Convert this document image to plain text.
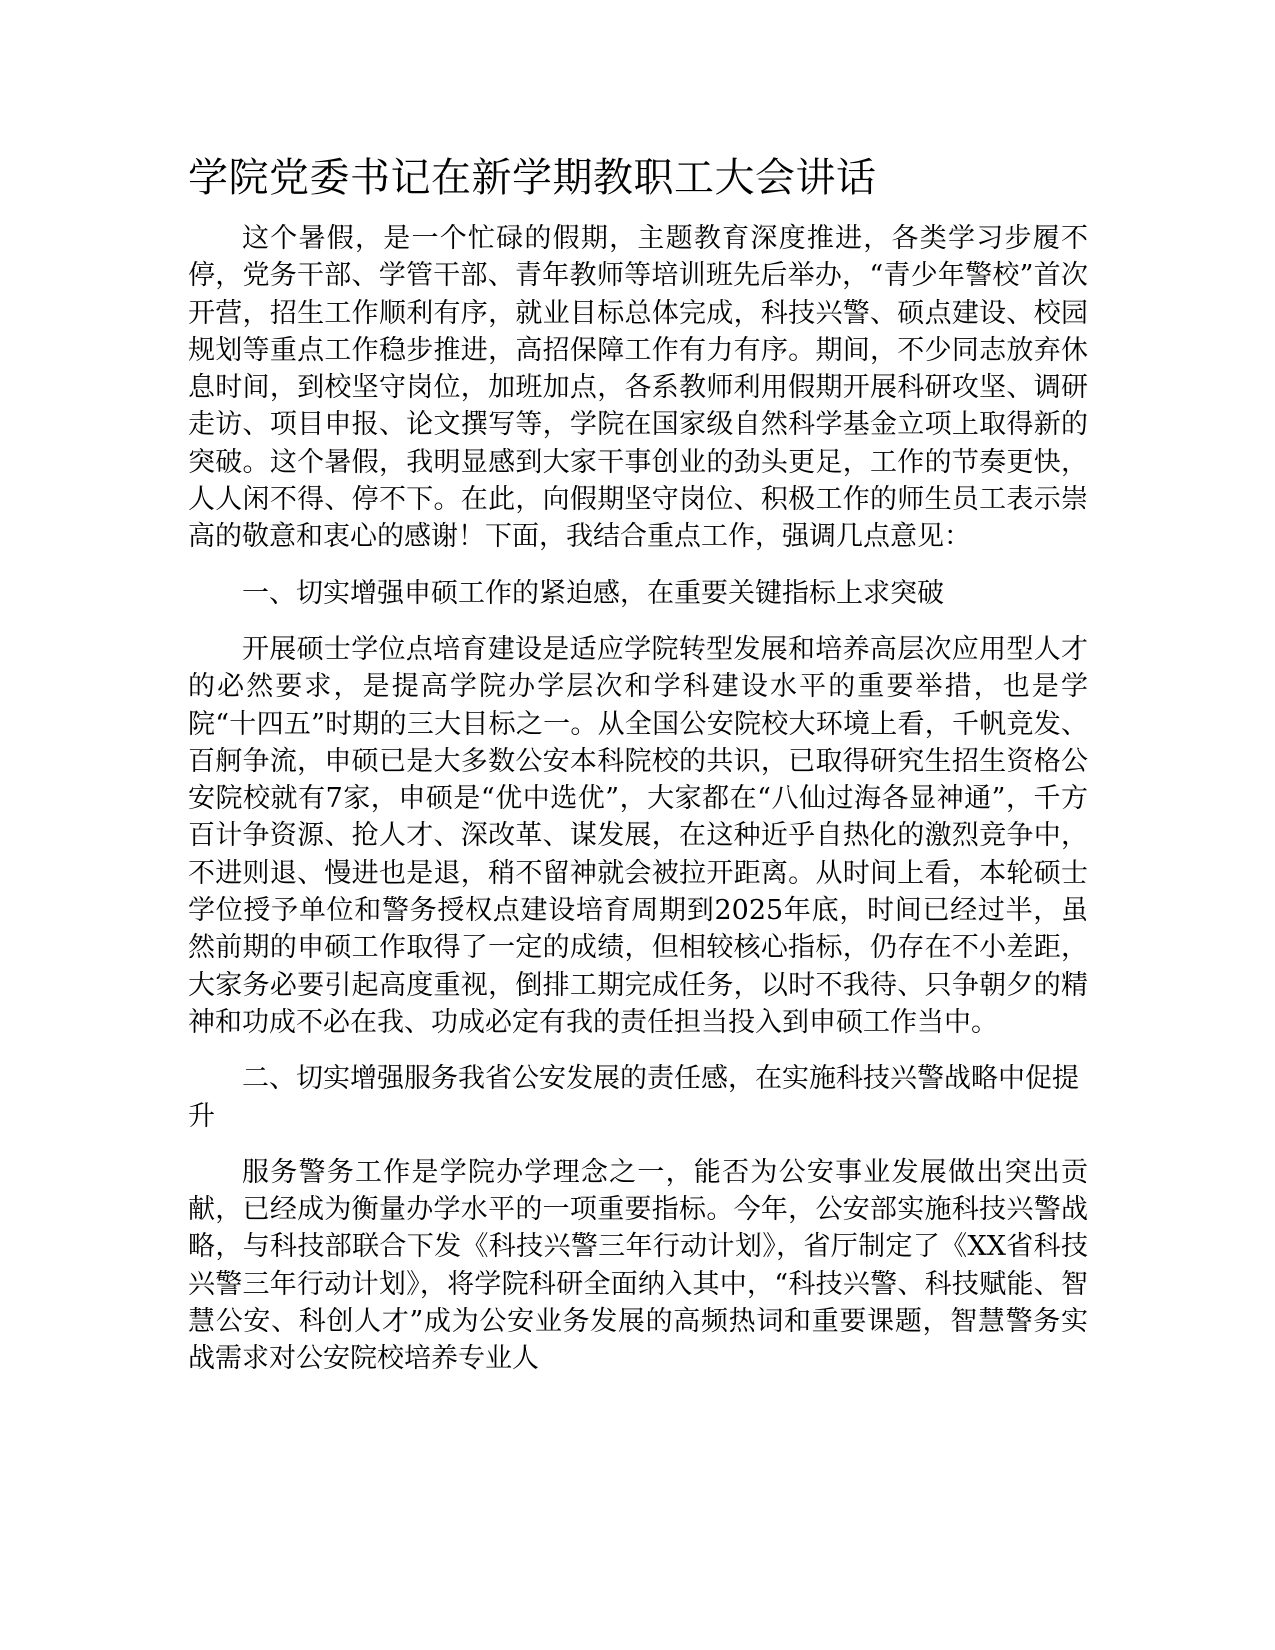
学院党委书记在新学期教职工大会讲话

这个暑假，是一个忙碌的假期，主题教育深度推进，各类学习步履不停，党务干部、学管干部、青年教师等培训班先后举办，“青少年警校”首次开营，招生工作顺利有序，就业目标总体完成，科技兴警、硕点建设、校园规划等重点工作稳步推进，高招保障工作有力有序。期间，不少同志放弃休息时间，到校坚守岗位，加班加点，各系教师利用假期开展科研攻坚、调研走访、项目申报、论文撰写等，学院在国家级自然科学基金立项上取得新的突破。这个暑假，我明显感到大家干事创业的劲头更足，工作的节奏更快，人人闲不得、停不下。在此，向假期坚守岗位、积极工作的师生员工表示崇高的敬意和衷心的感谢！下面，我结合重点工作，强调几点意见：

一、切实增强申硕工作的紧迫感，在重要关键指标上求突破

开展硕士学位点培育建设是适应学院转型发展和培养高层次应用型人才的必然要求，是提高学院办学层次和学科建设水平的重要举措，也是学院“十四五”时期的三大目标之一。从全国公安院校大环境上看，千帆竞发、百舸争流，申硕已是大多数公安本科院校的共识，已取得研究生招生资格公安院校就有7家，申硕是“优中选优”，大家都在“八仙过海各显神通”，千方百计争资源、抢人才、深改革、谋发展，在这种近乎自热化的激烈竞争中，不进则退、慢进也是退，稍不留神就会被拉开距离。从时间上看，本轮硕士学位授予单位和警务授权点建设培育周期到2025年底，时间已经过半，虽然前期的申硕工作取得了一定的成绩，但相较核心指标，仍存在不小差距，大家务必要引起高度重视，倒排工期完成任务，以时不我待、只争朝夕的精神和功成不必在我、功成必定有我的责任担当投入到申硕工作当中。

二、切实增强服务我省公安发展的责任感，在实施科技兴警战略中促提升

服务警务工作是学院办学理念之一，能否为公安事业发展做出突出贡献，已经成为衡量办学水平的一项重要指标。今年，公安部实施科技兴警战略，与科技部联合下发《科技兴警三年行动计划》，省厅制定了《XX省科技兴警三年行动计划》，将学院科研全面纳入其中，“科技兴警、科技赋能、智慧公安、科创人才”成为公安业务发展的高频热词和重要课题，智慧警务实战需求对公安院校培养专业人
